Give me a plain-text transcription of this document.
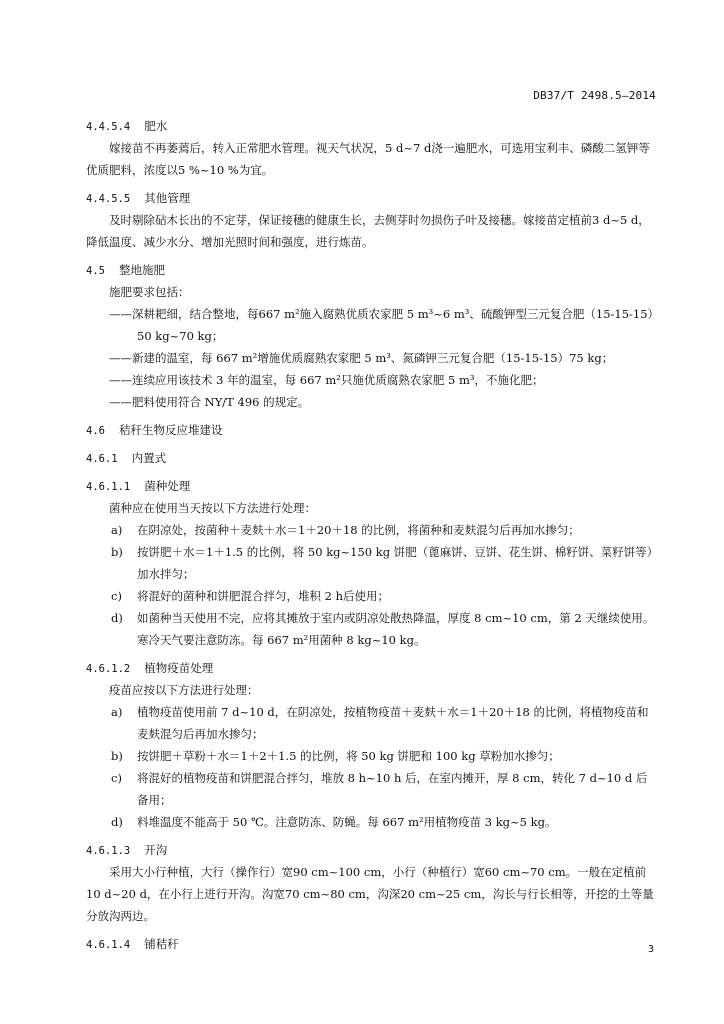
DB37/T 2498.5—2014

4.4.5.4 肥水

嫁接苗不再萎蔫后，转入正常肥水管理。视天气状况，5 d~7 d浇一遍肥水，可选用宝利丰、磷酸二氢钾等优质肥料，浓度以5 %~10 %为宜。

4.4.5.5 其他管理

及时剔除砧木长出的不定芽，保证接穗的健康生长，去侧芽时勿损伤子叶及接穗。嫁接苗定植前3 d~5 d，降低温度、减少水分、增加光照时间和强度，进行炼苗。

4.5 整地施肥

施肥要求包括：

——深耕耙细，结合整地，每667 m²施入腐熟优质农家肥 5 m³~6 m³、硫酸钾型三元复合肥（15-15-15）

50 kg~70 kg；

——新建的温室，每 667 m²增施优质腐熟农家肥 5 m³、氮磷钾三元复合肥（15-15-15）75 kg；

——连续应用该技术 3 年的温室，每 667 m²只施优质腐熟农家肥 5 m³，不施化肥；

——肥料使用符合 NY/T 496 的规定。

4.6 秸秆生物反应堆建设

4.6.1 内置式

4.6.1.1 菌种处理

菌种应在使用当天按以下方法进行处理：

a) 在阴凉处，按菌种＋麦麸＋水＝1＋20＋18 的比例，将菌种和麦麸混匀后再加水掺匀；
b) 按饼肥＋水＝1＋1.5 的比例，将 50 kg~150 kg 饼肥（蓖麻饼、豆饼、花生饼、棉籽饼、菜籽饼等）加水拌匀；
c) 将混好的菌种和饼肥混合拌匀，堆积 2 h后使用；
d) 如菌种当天使用不完，应将其摊放于室内或阴凉处散热降温，厚度 8 cm~10 cm，第 2 天继续使用。寒冷天气要注意防冻。每 667 m²用菌种 8 kg~10 kg。

4.6.1.2 植物疫苗处理

疫苗应按以下方法进行处理：

a) 植物疫苗使用前 7 d~10 d，在阴凉处，按植物疫苗＋麦麸＋水＝1＋20＋18 的比例，将植物疫苗和麦麸混匀后再加水掺匀；
b) 按饼肥＋草粉＋水＝1＋2＋1.5 的比例，将 50 kg 饼肥和 100 kg 草粉加水掺匀；
c) 将混好的植物疫苗和饼肥混合拌匀，堆放 8 h~10 h 后，在室内摊开，厚 8 cm，转化 7 d~10 d 后备用；
d) 料堆温度不能高于 50 ℃。注意防冻、防蝇。每 667 m²用植物疫苗 3 kg~5 kg。

4.6.1.3 开沟

采用大小行种植，大行（操作行）宽90 cm~100 cm，小行（种植行）宽60 cm~70 cm。一般在定植前10 d~20 d，在小行上进行开沟。沟宽70 cm~80 cm，沟深20 cm~25 cm，沟长与行长相等，开挖的土等量分放沟两边。

4.6.1.4 铺秸秆	3
